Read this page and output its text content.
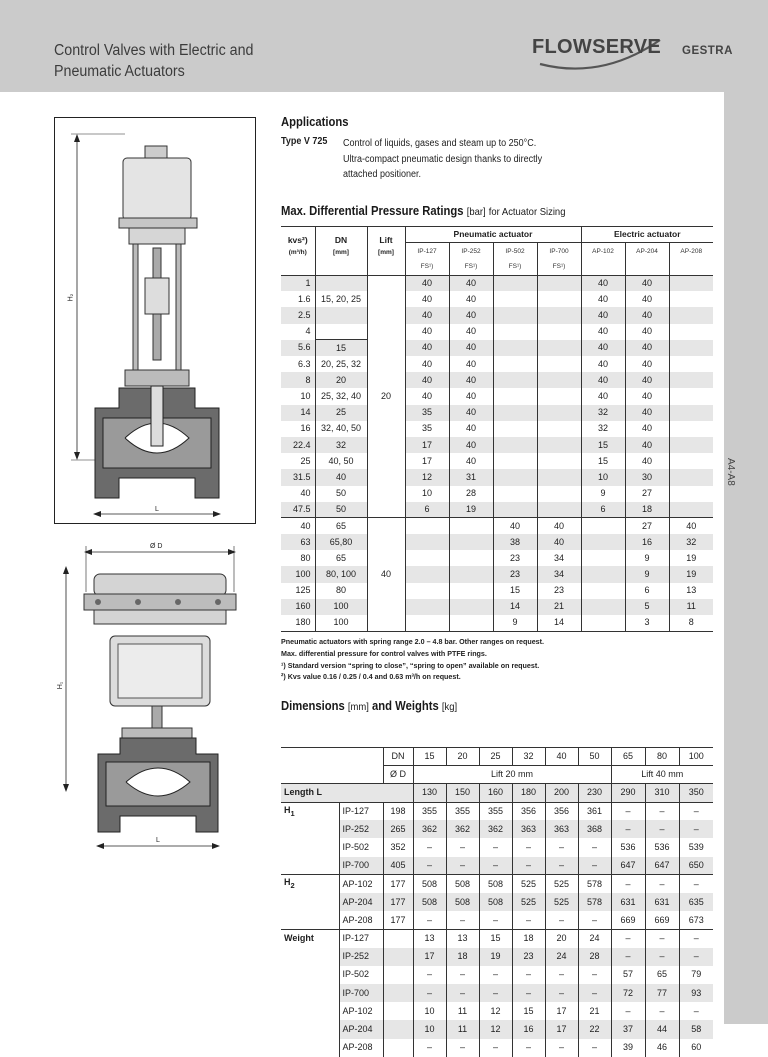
Control Valves with Electric and
Pneumatic Actuators
FLOWSERVE GESTRA
A4-A8
H₂
L
Ø D
H₁
L
Applications
Type V 725 Control of liquids, gases and steam up to 250°C. Ultra-compact pneumatic design thanks to directly attached positioner.
Max. Differential Pressure Ratings [bar] for Actuator Sizing
kvs²)
(m³/h)	DN
[mm]	Lift
[mm]	Pneumatic actuator				Electric actuator		
			IP-127	IP-252	IP-502	IP-700	AP-102	AP-204	AP-208
			FS¹)	FS¹)	FS¹)	FS¹)			
1		20	40	40			40	40	
1.6	15, 20, 25		40	40			40	40	
2.5			40	40			40	40	
4			40	40			40	40	
5.6	15		40	40			40	40	
6.3	20, 25, 32		40	40			40	40	
8	20		40	40			40	40	
10	25, 32, 40		40	40			40	40	
14	25		35	40			32	40	
16	32, 40, 50		35	40			32	40	
22.4	32		17	40			15	40	
25	40, 50		17	40			15	40	
31.5	40		12	31			10	30	
40	50		10	28			9	27	
47.5	50		6	19			6	18	
40	65	40			40	40		27	40
63	65,80				38	40		16	32
80	65				23	34		9	19
100	80, 100				23	34		9	19
125	80				15	23		6	13
160	100				14	21		5	11
180	100				9	14		3	8
Pneumatic actuators with spring range 2.0 – 4.8 bar. Other ranges on request.
Max. differential pressure for control valves with PTFE rings.
¹) Standard version “spring to close”, “spring to open” available on request.
²) Kvs value 0.16 / 0.25 / 0.4 and 0.63 m³/h on request.
Dimensions [mm] and Weights [kg]
		DN	15	20	25	32	40	50	65	80	100
		Ø D	Lift 20 mm						Lift 40 mm		
Length L			130	150	160	180	200	230	290	310	350
$H_1$	IP-127	198	355	355	355	356	356	361	–	–	–
	IP-252	265	362	362	362	363	363	368	–	–	–
	IP-502	352	–	–	–	–	–	–	536	536	539
	IP-700	405	–	–	–	–	–	–	647	647	650
$H_2$	AP-102	177	508	508	508	525	525	578	–	–	–
	AP-204	177	508	508	508	525	525	578	631	631	635
	AP-208	177	–	–	–	–	–	–	669	669	673
Weight	IP-127		13	13	15	18	20	24	–	–	–
	IP-252		17	18	19	23	24	28	–	–	–
	IP-502		–	–	–	–	–	–	57	65	79
	IP-700		–	–	–	–	–	–	72	77	93
	AP-102		10	11	12	15	17	21	–	–	–
	AP-204		10	11	12	16	17	22	37	44	58
	AP-208		–	–	–	–	–	–	39	46	60
